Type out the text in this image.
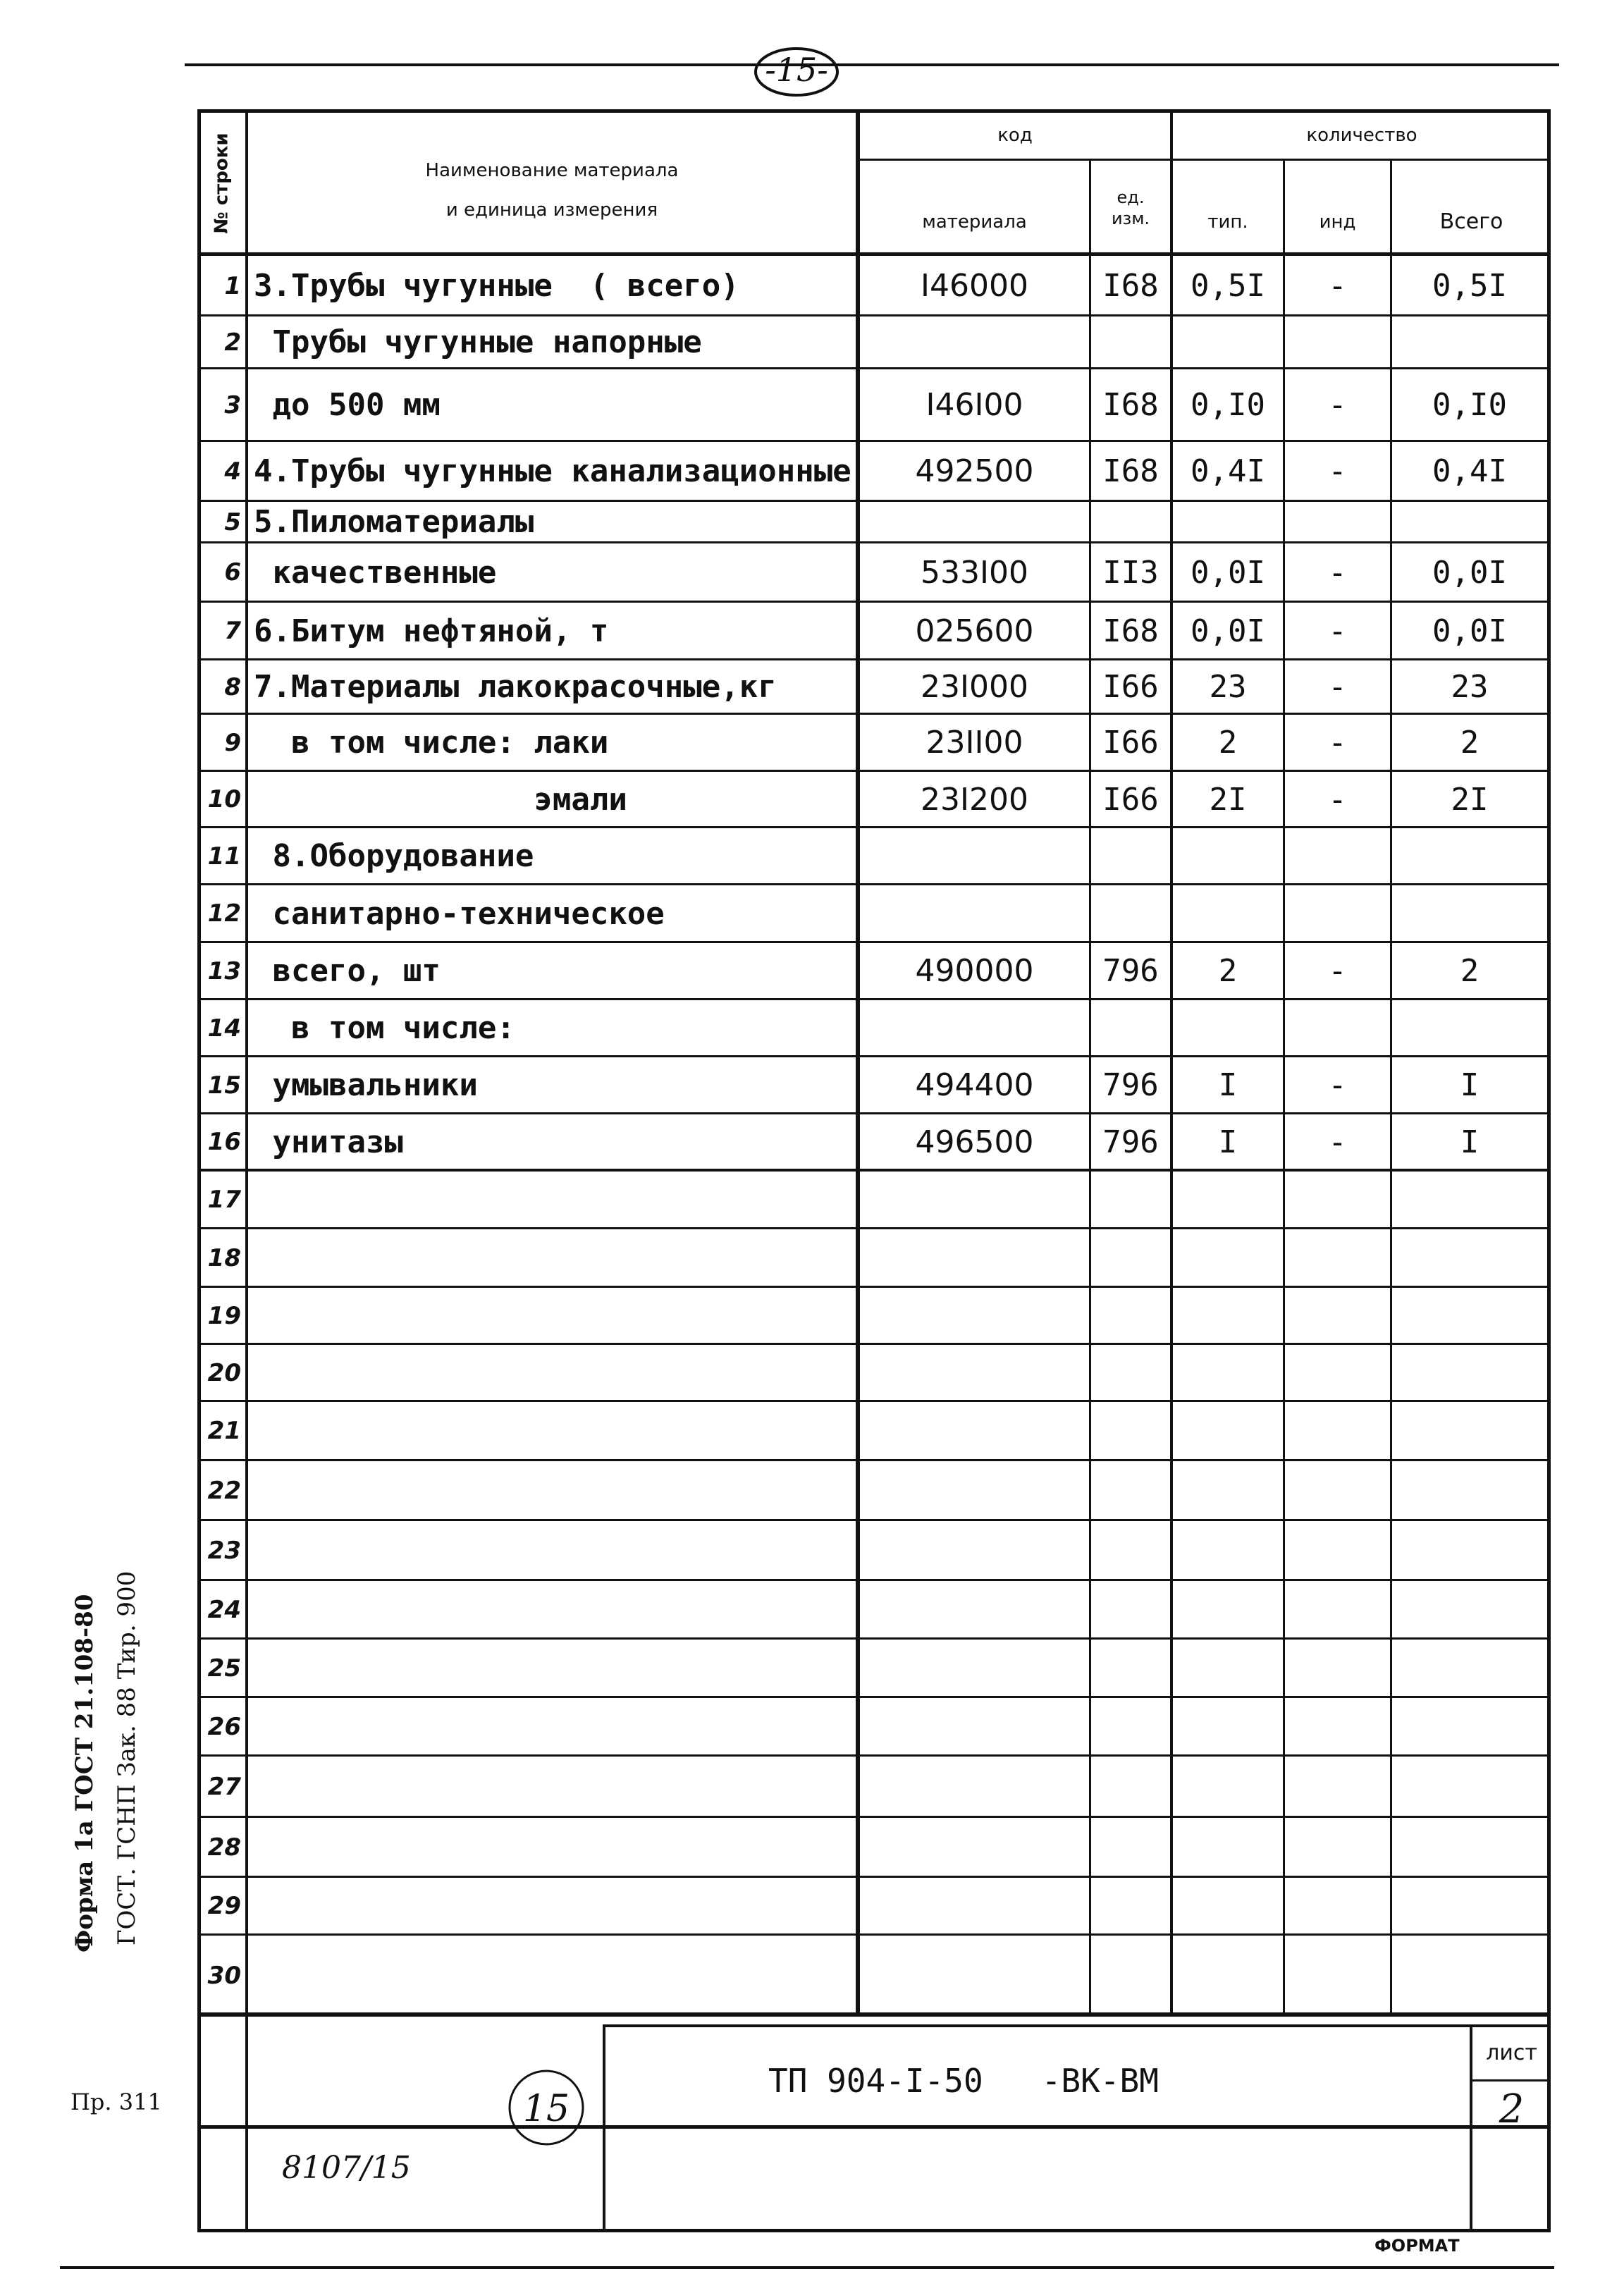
-15-
№ строки	Наименование материала
и единица измерения
код	количество
материала
ед. изм.	тип.	инд	Всего
1 3.Трубы чугунные  ( всего)	I46000	I68	0,5I	-	0,5I
2 Трубы чугунные напорные
3 до 500 мм	I46I00	I68	0,I0	-	0,I0
4 4.Трубы чугунные канализационные	492500	I68	0,4I	-	0,4I
5 5.Пиломатериалы
6 качественные	533I00	II3	0,0I	-	0,0I
7 6.Битум нефтяной, т	025600	I68	0,0I	-	0,0I
8 7.Материалы лакокрасочные,кг	23I000	I66	23	-	23
9 в том числе: лаки	23II00	I66	2	-	2
10 эмали	23I200	I66	2I	-	2I
11 8.Оборудование
12 санитарно-техническое
13 всего, шт	490000	796	2	-	2
14 в том числе:
15 умывальники	494400	796	I	-	I
16 унитазы	496500	796	I	-	I
17
18
19
20
21
22
23
24
25
26
27
28
29
30
8107/15
15
ТП 904-I-50   -ВК-ВМ
лист
2
ФОРМАТ
Форма 1а ГОСТ 21.108-80 ГОСТ. ГСНП Зак. 88 Тир. 900
Пр. 311
